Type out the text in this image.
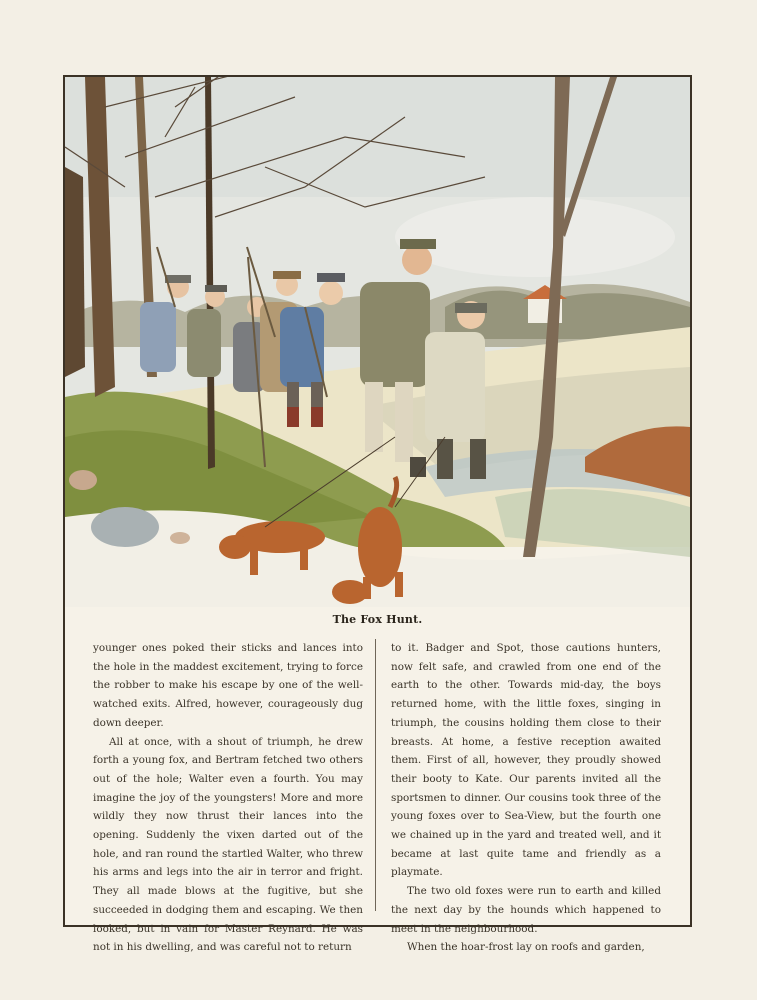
The Fox Hunt.

younger ones poked their sticks and lances into the hole in the maddest excitement, trying to force the robber to make his escape by one of the well-watched exits. Alfred, however, courageously dug down deeper.

All at once, with a shout of triumph, he drew forth a young fox, and Bertram fetched two others out of the hole; Walter even a fourth. You may imagine the joy of the youngsters! More and more wildly they now thrust their lances into the opening. Suddenly the vixen darted out of the hole, and ran round the startled Walter, who threw his arms and legs into the air in terror and fright. They all made blows at the fugitive, but she succeeded in dodging them and escaping. We then looked, but in vain for Master Reynard. He was not in his dwelling, and was careful not to return

to it. Badger and Spot, those cautions hunters, now felt safe, and crawled from one end of the earth to the other. Towards mid-day, the boys returned home, with the little foxes, singing in triumph, the cousins holding them close to their breasts. At home, a festive reception awaited them. First of all, however, they proudly showed their booty to Kate. Our parents invited all the sportsmen to dinner. Our cousins took three of the young foxes over to Sea-View, but the fourth one we chained up in the yard and treated well, and it became at last quite tame and friendly as a playmate.

The two old foxes were run to earth and killed the next day by the hounds which happened to meet in the neighbourhood.

When the hoar-frost lay on roofs and garden,
